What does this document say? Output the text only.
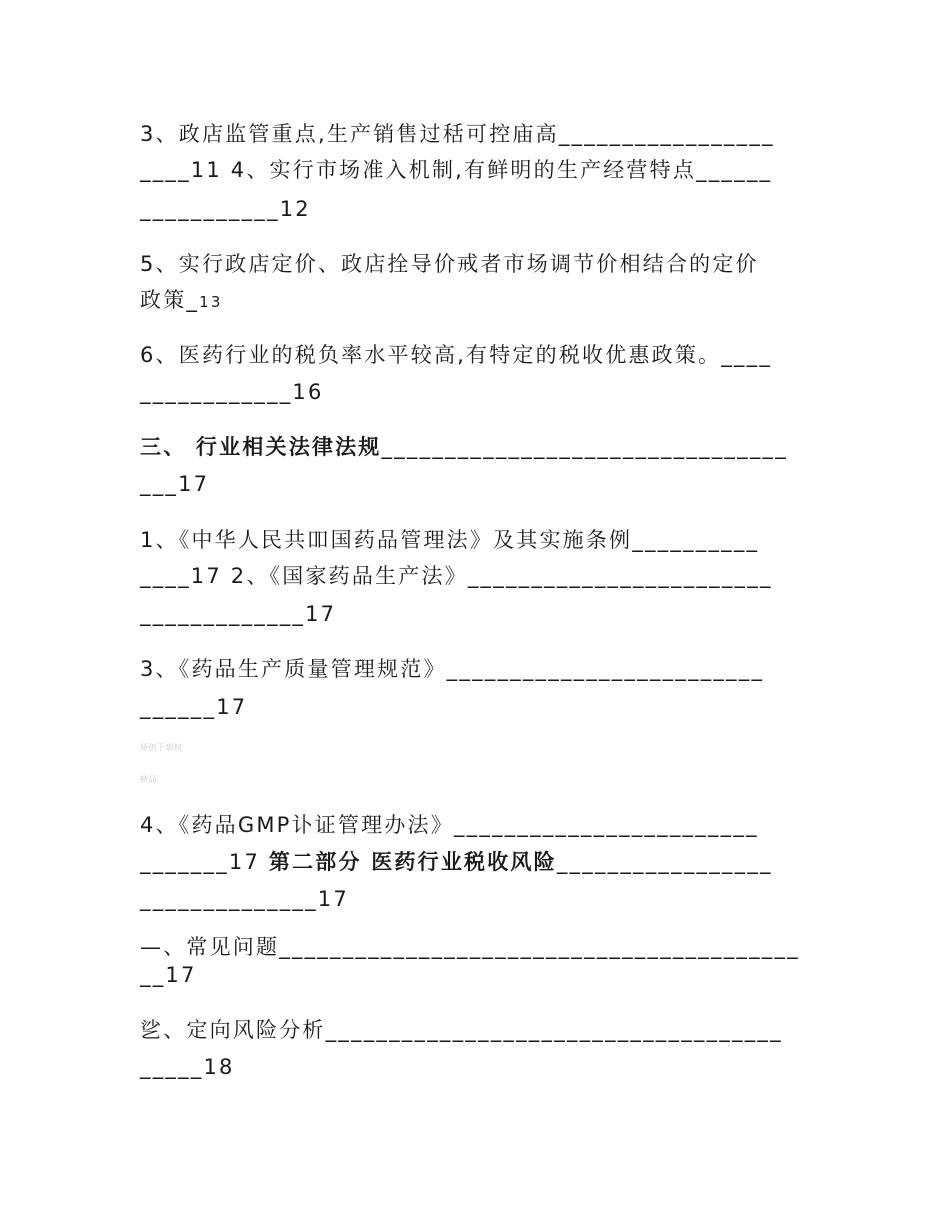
3、政店监管重点,生产销售过秳可控庙高_________________
____11 4、实行市场准入机制,有鲜明的生产经营特点______
___________12
5、实行政店定价、政店拴导价戒者市场调节价相结合的定价
政策_13
6、医药行业的税负率水平较高,有特定的税收优惠政策。____
____________16
三、 行业相关法律法规________________________________
___17
1、《中华人民共吅国药品管理法》及其实施条例__________
____17 2、《国家药品生产法》________________________
_____________17
3、《药品生产质量管理规范》_________________________
______17
原创下载权
精品
4、《药品GMP讣证管理办法》________________________
_______17 第二部分 医药行业税收风险_________________
______________17
—、常见问题_________________________________________
__17
乷、定向风险分析____________________________________
_____18
